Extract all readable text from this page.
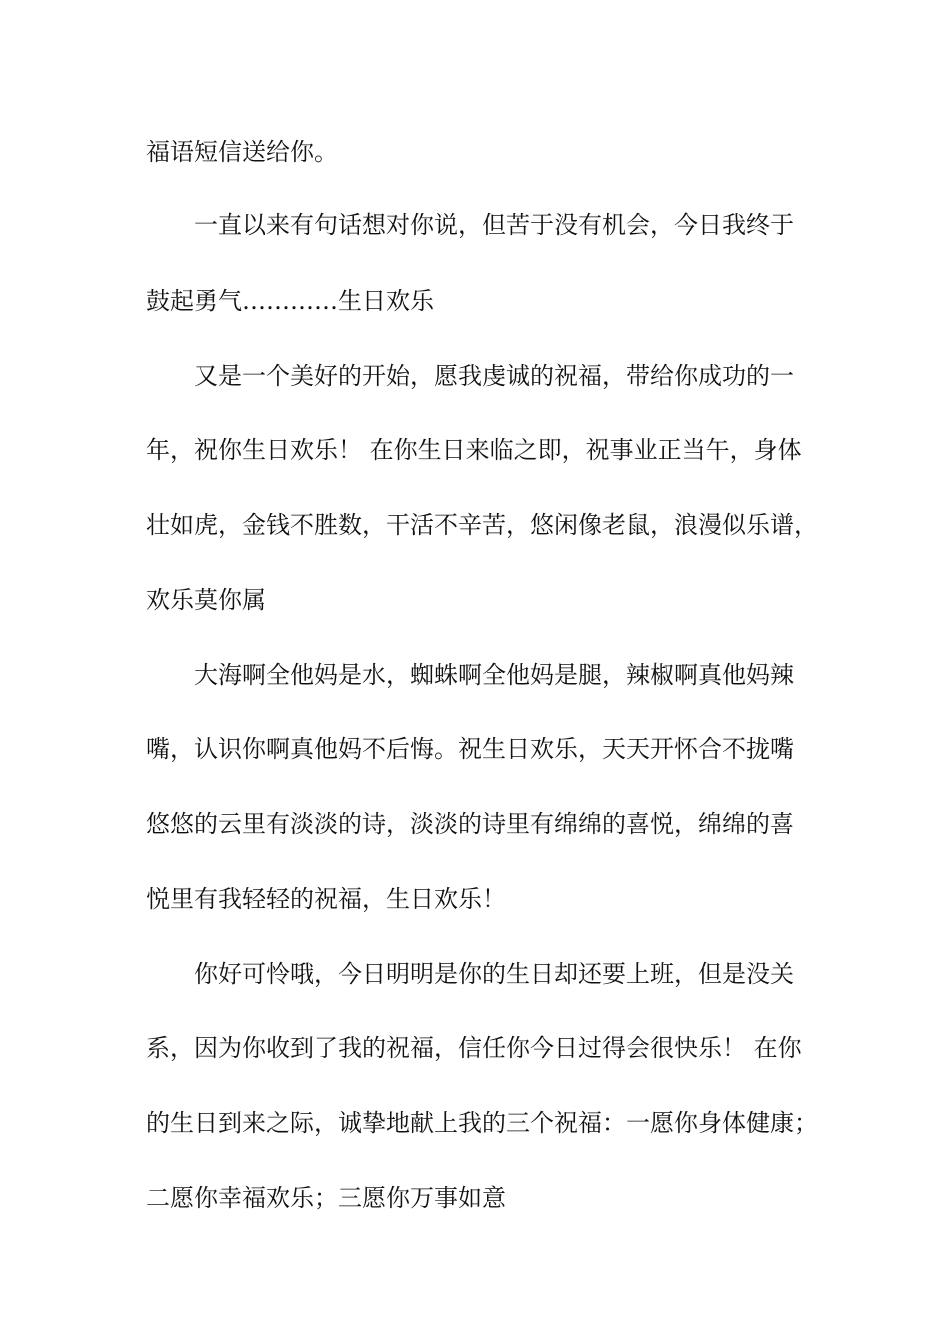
福语短信送给你。

一直以来有句话想对你说，但苦于没有机会，今日我终于

鼓起勇气…………生日欢乐

又是一个美好的开始，愿我虔诚的祝福，带给你成功的一

年，祝你生日欢乐！ 在你生日来临之即，祝事业正当午，身体

壮如虎，金钱不胜数，干活不辛苦，悠闲像老鼠，浪漫似乐谱，

欢乐莫你属

大海啊全他妈是水，蜘蛛啊全他妈是腿，辣椒啊真他妈辣

嘴，认识你啊真他妈不后悔。祝生日欢乐，天天开怀合不拢嘴

悠悠的云里有淡淡的诗，淡淡的诗里有绵绵的喜悦，绵绵的喜

悦里有我轻轻的祝福，生日欢乐！

你好可怜哦，今日明明是你的生日却还要上班，但是没关

系，因为你收到了我的祝福，信任你今日过得会很快乐！ 在你

的生日到来之际，诚挚地献上我的三个祝福：一愿你身体健康；

二愿你幸福欢乐；三愿你万事如意
